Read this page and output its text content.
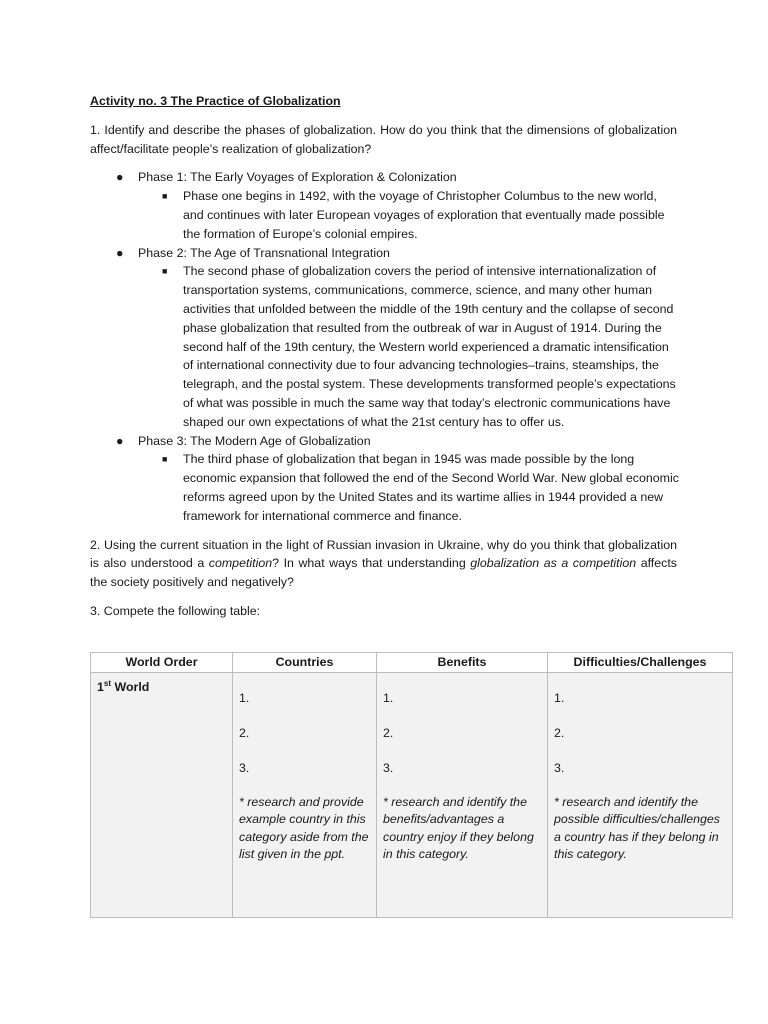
Activity no. 3 The Practice of Globalization

1. Identify and describe the phases of globalization. How do you think that the dimensions of globalization affect/facilitate people’s realization of globalization?

● Phase 1: The Early Voyages of Exploration & Colonization
■ Phase one begins in 1492, with the voyage of Christopher Columbus to the new world, and continues with later European voyages of exploration that eventually made possible the formation of Europe’s colonial empires.
● Phase 2: The Age of Transnational Integration
■ The second phase of globalization covers the period of intensive internationalization of transportation systems, communications, commerce, science, and many other human activities that unfolded between the middle of the 19th century and the collapse of second phase globalization that resulted from the outbreak of war in August of 1914. During the second half of the 19th century, the Western world experienced a dramatic intensification of international connectivity due to four advancing technologies–trains, steamships, the telegraph, and the postal system. These developments transformed people’s expectations of what was possible in much the same way that today’s electronic communications have shaped our own expectations of what the 21st century has to offer us.
● Phase 3: The Modern Age of Globalization
■ The third phase of globalization that began in 1945 was made possible by the long economic expansion that followed the end of the Second World War. New global economic reforms agreed upon by the United States and its wartime allies in 1944 provided a new framework for international commerce and finance.

2. Using the current situation in the light of Russian invasion in Ukraine, why do you think that globalization is also understood a competition? In what ways that understanding globalization as a competition affects the society positively and negatively?

3. Compete the following table:

World Order	Countries	Benefits	Difficulties/Challenges

1st World	1.
2.
3.
* research and provide example country in this category aside from the list given in the ppt.	1.
2.
3.
* research and identify the benefits/advantages a country enjoy if they belong in this category.	1.
2.
3.
* research and identify the possible difficulties/challenges a country has if they belong in this category.
